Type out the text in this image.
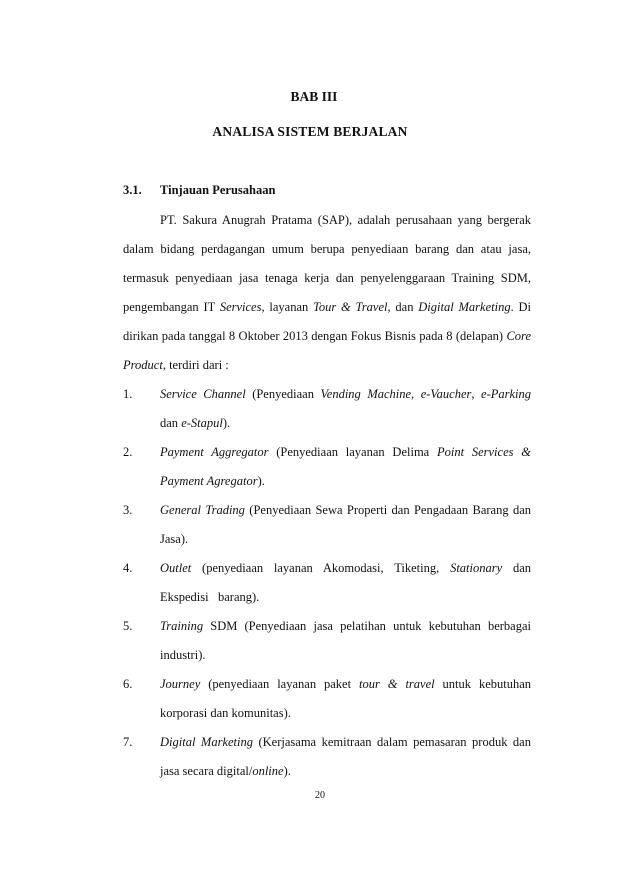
BAB III
ANALISA SISTEM BERJALAN
3.1. Tinjauan Perusahaan
PT. Sakura Anugrah Pratama (SAP), adalah perusahaan yang bergerak
dalam bidang perdagangan umum berupa penyediaan barang dan atau jasa,
termasuk penyediaan jasa tenaga kerja dan penyelenggaraan Training SDM,
pengembangan IT Services, layanan Tour & Travel, dan Digital Marketing. Di
dirikan pada tanggal 8 Oktober 2013 dengan Fokus Bisnis pada 8 (delapan) Core
Product, terdiri dari :
1. Service Channel (Penyediaan Vending Machine, e-Vaucher, e-Parking
dan e-Stapul).
2. Payment Aggregator (Penyediaan layanan Delima Point Services &
Payment Agregator).
3. General Trading (Penyediaan Sewa Properti dan Pengadaan Barang dan
Jasa).
4. Outlet (penyediaan layanan Akomodasi, Tiketing, Stationary dan
Ekspedisi   barang).
5. Training SDM (Penyediaan jasa pelatihan untuk kebutuhan berbagai
industri).
6. Journey (penyediaan layanan paket tour & travel untuk kebutuhan
korporasi dan komunitas).
7. Digital Marketing (Kerjasama kemitraan dalam pemasaran produk dan
jasa secara digital/online).
20
